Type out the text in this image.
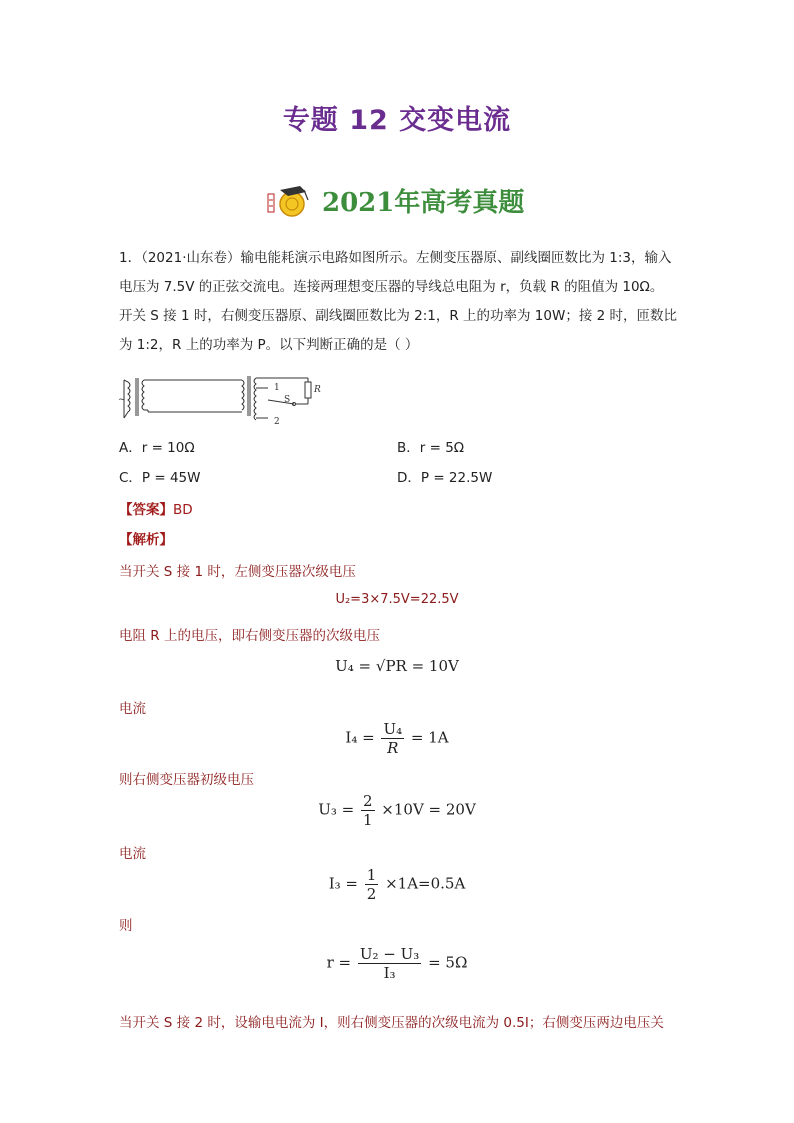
专题 12 交变电流
2021年高考真题
1．（2021·山东卷）输电能耗演示电路如图所示。左侧变压器原、副线圈匝数比为 1:3，输入
电压为 7.5V 的正弦交流电。连接两理想变压器的导线总电阻为 r，负载 R 的阻值为 10Ω。
开关 S 接 1 时，右侧变压器原、副线圈匝数比为 2:1，R 上的功率为 10W；接 2 时，匝数比
为 1:2，R 上的功率为 P。以下判断正确的是（ ）
1
2
S
R
~
A．r = 10Ω	B．r = 5Ω
C．P = 45W	D．P = 22.5W
【答案】BD
【解析】
当开关 S 接 1 时，左侧变压器次级电压
U₂=3×7.5V=22.5V
电阻 R 上的电压，即右侧变压器的次级电压
U₄ = √PR = 10V
电流
$I_4 = \frac{\text{U₄}}{R} = 1A$
则右侧变压器初级电压
$U_3 = \frac{2}{1} \times 10V = 20V$
电流
$I_3 = \frac{1}{2} \times 1A=0.5A$
则
$r = \frac{\text{U₂ − U₃}}{\text{I₃}} = 5\Omega$
当开关 S 接 2 时，设输电电流为 I，则右侧变压器的次级电流为 0.5I；右侧变压两边电压关
